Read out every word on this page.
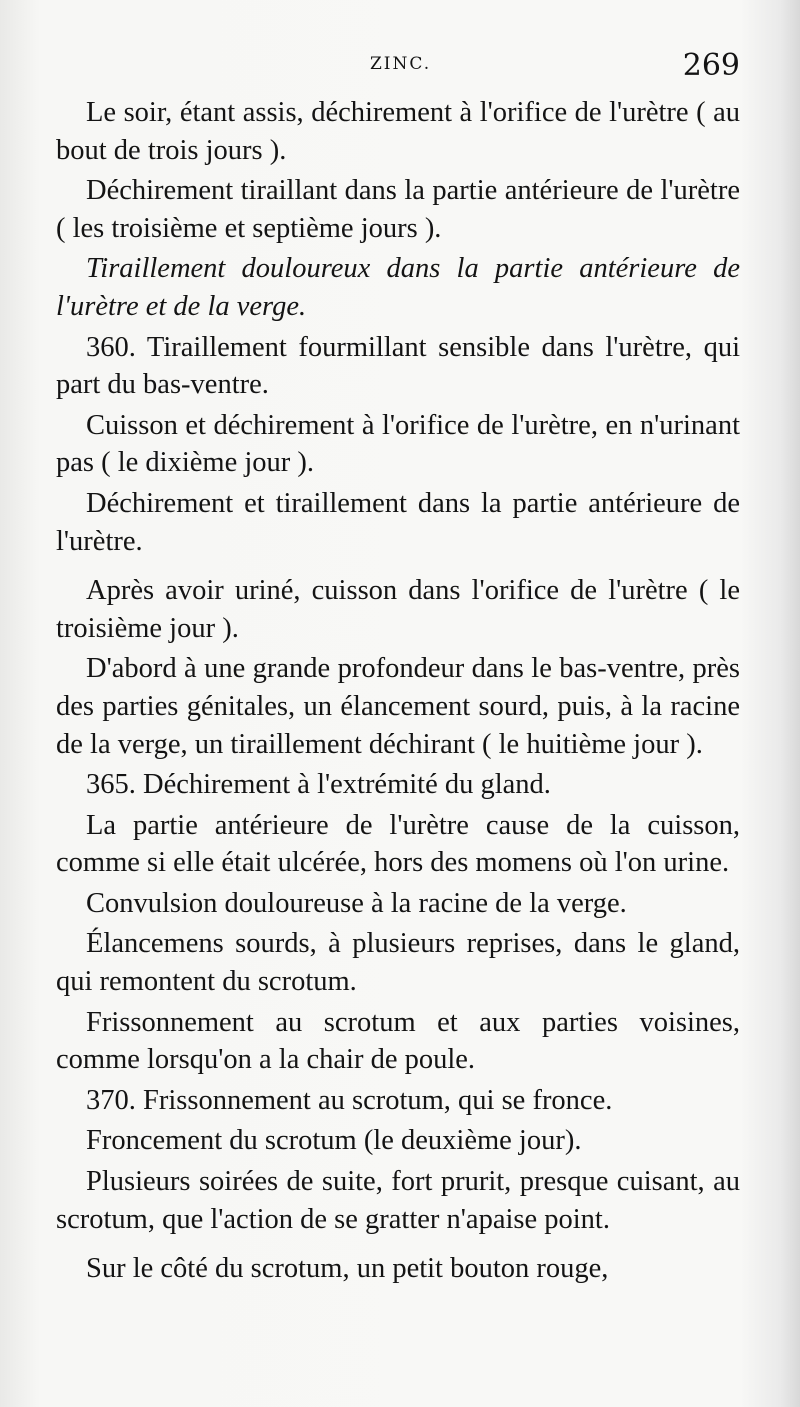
ZINC.	269

Le soir, étant assis, déchirement à l'orifice de l'urètre ( au bout de trois jours ).

Déchirement tiraillant dans la partie antérieure de l'urètre ( les troisième et septième jours ).

Tiraillement douloureux dans la partie antérieure de l'urètre et de la verge.

360. Tiraillement fourmillant sensible dans l'urètre, qui part du bas-ventre.

Cuisson et déchirement à l'orifice de l'urètre, en n'urinant pas ( le dixième jour ).

Déchirement et tiraillement dans la partie antérieure de l'urètre.

Après avoir uriné, cuisson dans l'orifice de l'urètre ( le troisième jour ).

D'abord à une grande profondeur dans le bas-ventre, près des parties génitales, un élancement sourd, puis, à la racine de la verge, un tiraillement déchirant ( le huitième jour ).

365. Déchirement à l'extrémité du gland.

La partie antérieure de l'urètre cause de la cuisson, comme si elle était ulcérée, hors des momens où l'on urine.

Convulsion douloureuse à la racine de la verge.

Élancemens sourds, à plusieurs reprises, dans le gland, qui remontent du scrotum.

Frissonnement au scrotum et aux parties voisines, comme lorsqu'on a la chair de poule.

370. Frissonnement au scrotum, qui se fronce.

Froncement du scrotum (le deuxième jour).

Plusieurs soirées de suite, fort prurit, presque cuisant, au scrotum, que l'action de se gratter n'apaise point.

Sur le côté du scrotum, un petit bouton rouge,
